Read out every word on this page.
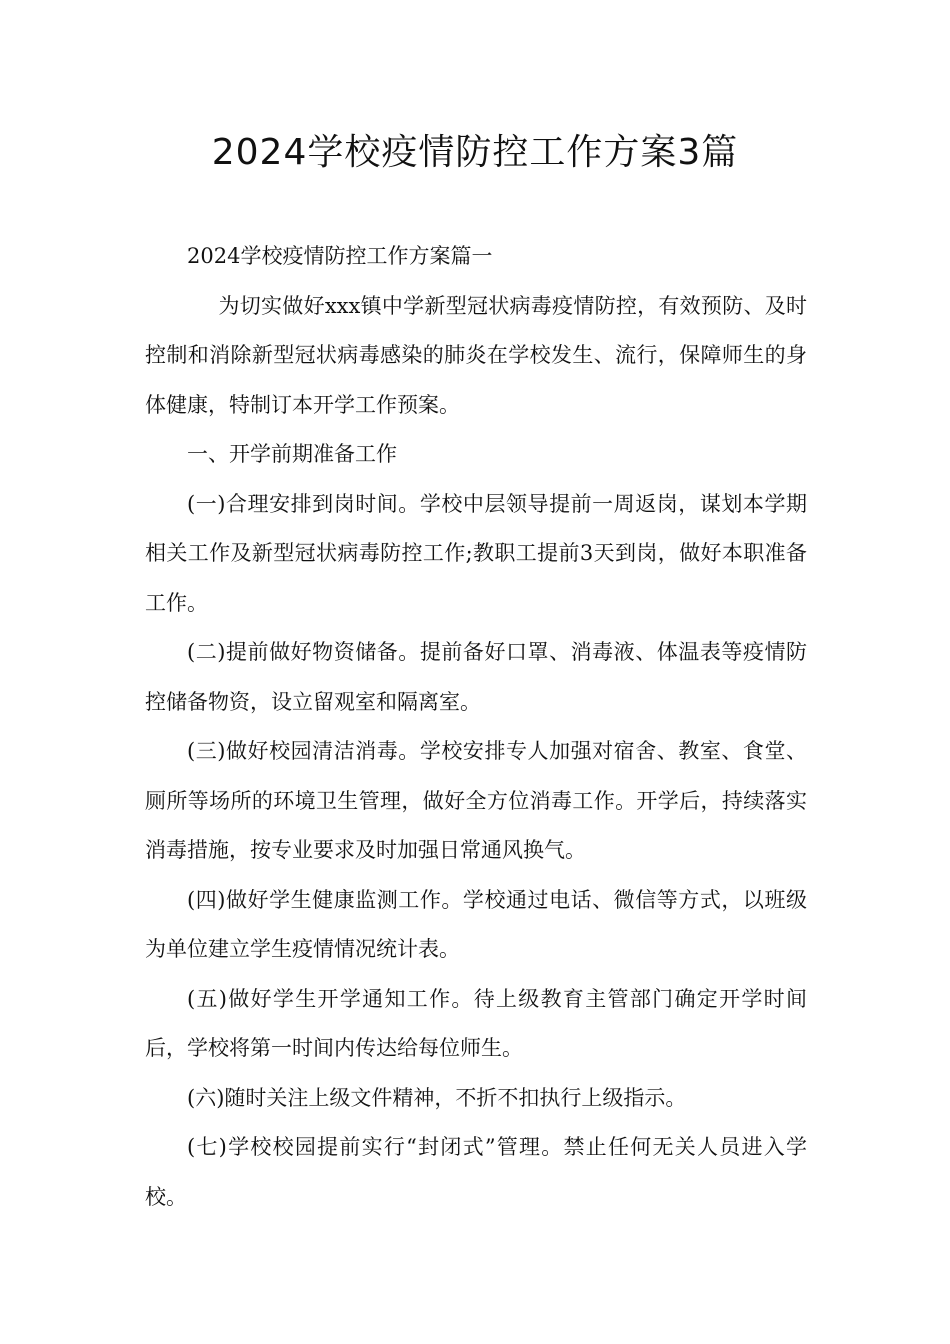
2024学校疫情防控工作方案3篇

2024学校疫情防控工作方案篇一

为切实做好xxx镇中学新型冠状病毒疫情防控，有效预防、及时控制和消除新型冠状病毒感染的肺炎在学校发生、流行，保障师生的身体健康，特制订本开学工作预案。

一、开学前期准备工作

(一)合理安排到岗时间。学校中层领导提前一周返岗，谋划本学期相关工作及新型冠状病毒防控工作;教职工提前3天到岗，做好本职准备工作。

(二)提前做好物资储备。提前备好口罩、消毒液、体温表等疫情防控储备物资，设立留观室和隔离室。

(三)做好校园清洁消毒。学校安排专人加强对宿舍、教室、食堂、厕所等场所的环境卫生管理，做好全方位消毒工作。开学后，持续落实消毒措施，按专业要求及时加强日常通风换气。

(四)做好学生健康监测工作。学校通过电话、微信等方式，以班级为单位建立学生疫情情况统计表。

(五)做好学生开学通知工作。待上级教育主管部门确定开学时间后，学校将第一时间内传达给每位师生。

(六)随时关注上级文件精神，不折不扣执行上级指示。

(七)学校校园提前实行“封闭式”管理。禁止任何无关人员进入学校。
